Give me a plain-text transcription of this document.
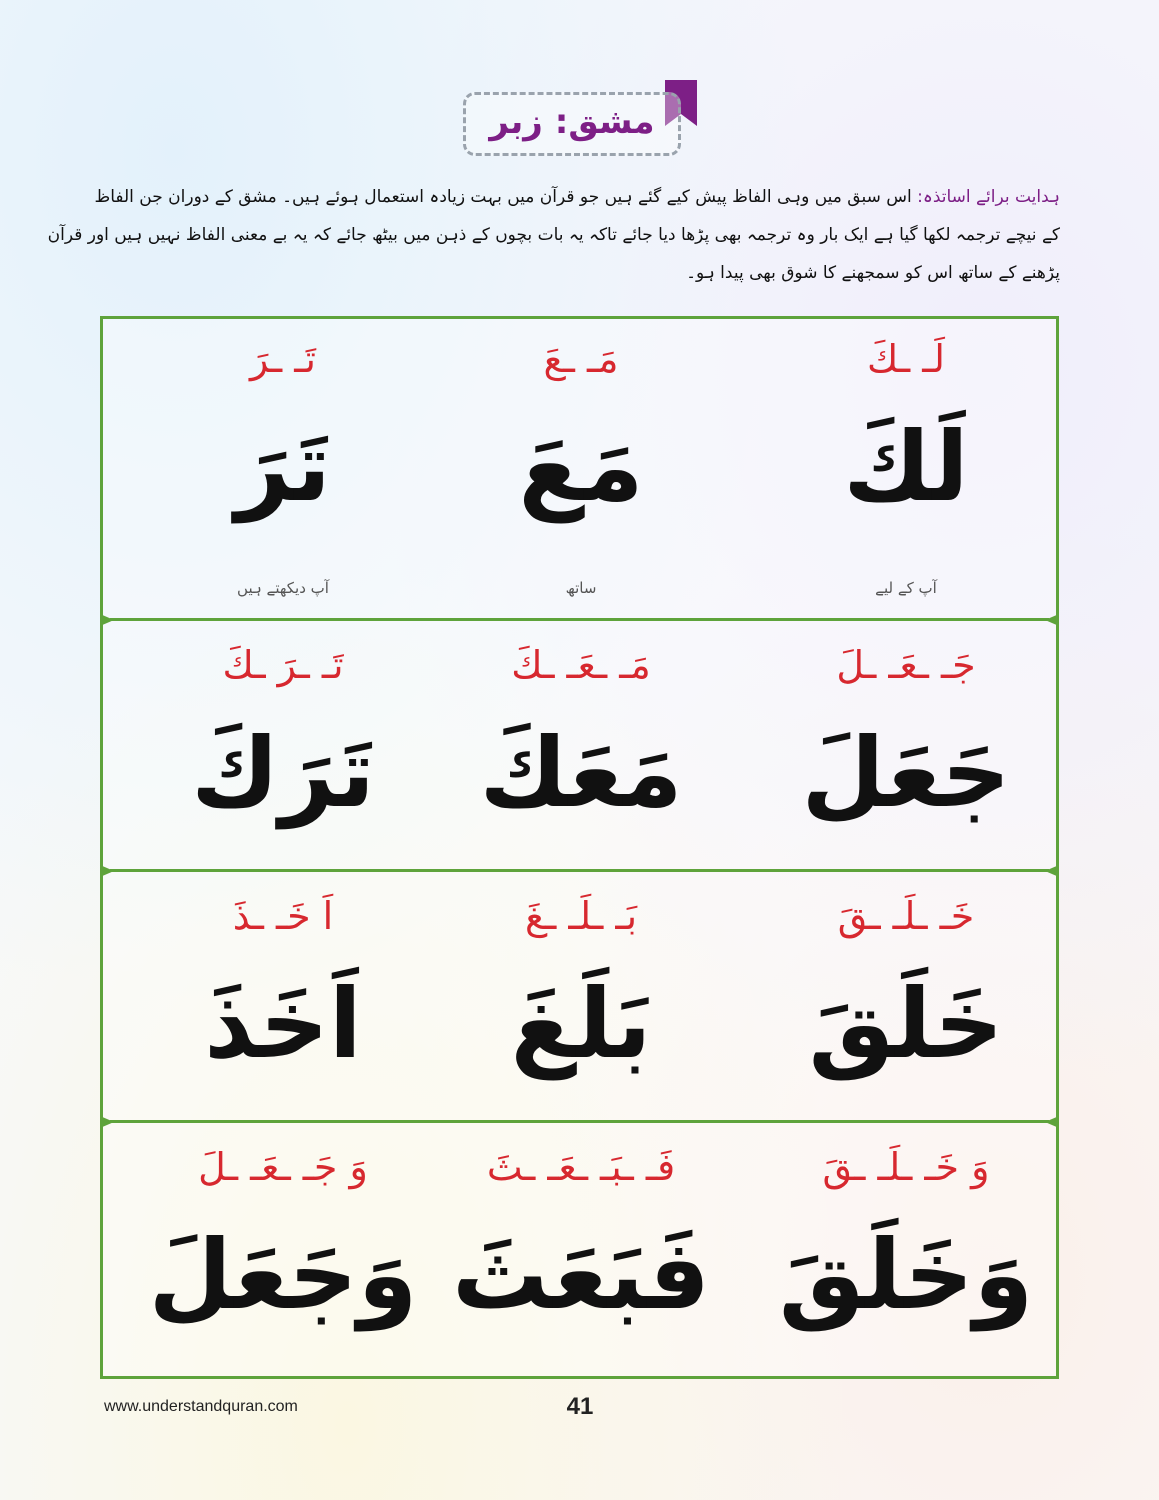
مشق: زبر
ہدایت برائے اساتذہ: اس سبق میں وہی الفاظ پیش کیے گئے ہیں جو قرآن میں بہت زیادہ استعمال ہوئے ہیں۔ مشق کے دوران جن الفاظ
کے نیچے ترجمہ لکھا گیا ہے ایک بار وہ ترجمہ بھی پڑھا دیا جائے تاکہ یہ بات بچوں کے ذہن میں بیٹھ جائے کہ یہ بے معنی الفاظ نہیں ہیں اور قرآن
پڑھنے کے ساتھ اس کو سمجھنے کا شوق بھی پیدا ہو۔
لَـ ـكَ
لَكَ
آپ کے لیے
مَـ ـعَ
مَعَ
ساتھ
تَـ ـرَ
تَرَ
آپ دیکھتے ہیں
جَـ ـعَـ ـلَ
جَعَلَ
مَـ ـعَـ ـكَ
مَعَكَ
تَـ ـرَ ـكَ
تَرَكَ
خَـ ـلَـ ـقَ
خَلَقَ
بَـ ـلَـ ـغَ
بَلَغَ
اَ خَـ ـذَ
اَخَذَ
وَ خَـ ـلَـ ـقَ
وَخَلَقَ
فَـ ـبَـ ـعَـ ـثَ
فَبَعَثَ
وَ جَـ ـعَـ ـلَ
وَجَعَلَ
www.understandquran.com	41
